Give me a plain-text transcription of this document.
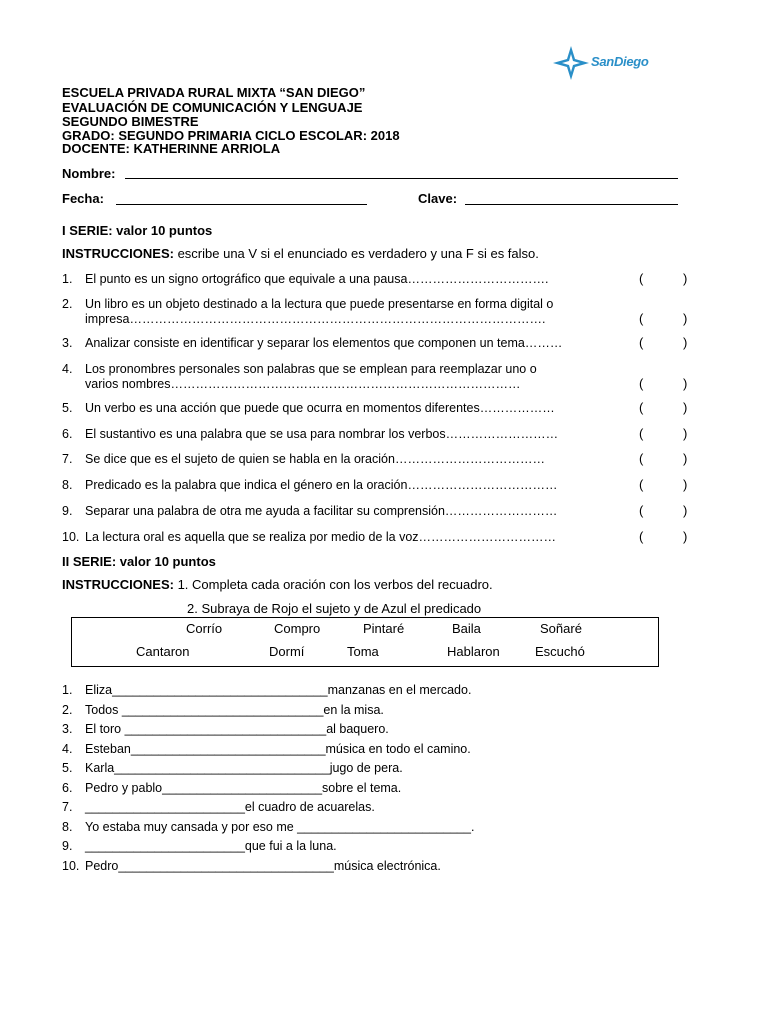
SanDiego
ESCUELA PRIVADA RURAL MIXTA “SAN DIEGO”
EVALUACIÓN DE COMUNICACIÓN Y LENGUAJE
SEGUNDO BIMESTRE
GRADO: SEGUNDO PRIMARIA CICLO ESCOLAR: 2018
DOCENTE: KATHERINNE ARRIOLA
Nombre:
Fecha:	Clave:
I SERIE: valor 10 puntos
INSTRUCCIONES: escribe una V si el enunciado es verdadero y una F si es falso.
1. El punto es un signo ortográfico que equivale a una pausa…………………………….	(	)
2. Un libro es un objeto destinado a la lectura que puede presentarse en forma digital o
impresa……………………………………………………………………………………….	(	)
3. Analizar consiste en identificar y separar los elementos que componen un tema………	(	)
4. Los pronombres personales son palabras que se emplean para reemplazar uno o
varios nombres…………………………………………………………………………	(	)
5. Un verbo es una acción que puede que ocurra en momentos diferentes………………	(	)
6. El sustantivo es una palabra que se usa para nombrar los verbos………………………	(	)
7. Se dice que es el sujeto de quien se habla en la oración………………………………	(	)
8. Predicado es la palabra que indica el género en la oración………………………………	(	)
9. Separar una palabra de otra me ayuda a facilitar su comprensión………………………	(	)
10. La lectura oral es aquella que se realiza por medio de la voz……………………………	(	)
II SERIE: valor 10 puntos
INSTRUCCIONES: 1. Completa cada oración con los verbos del recuadro.
2. Subraya de Rojo el sujeto y de Azul el predicado
Corrío	Compro	Pintaré	Baila	Soñaré
Cantaron	Dormí	Toma	Hablaron	Escuchó
1. Eliza_______________________________manzanas en el mercado.
2. Todos _____________________________en la misa.
3. El toro _____________________________al baquero.
4. Esteban____________________________música en todo el camino.
5. Karla_______________________________jugo de pera.
6. Pedro y pablo_______________________sobre el tema.
7. _______________________el cuadro de acuarelas.
8. Yo estaba muy cansada y por eso me _________________________.
9. _______________________que fui a la luna.
10. Pedro_______________________________música electrónica.
